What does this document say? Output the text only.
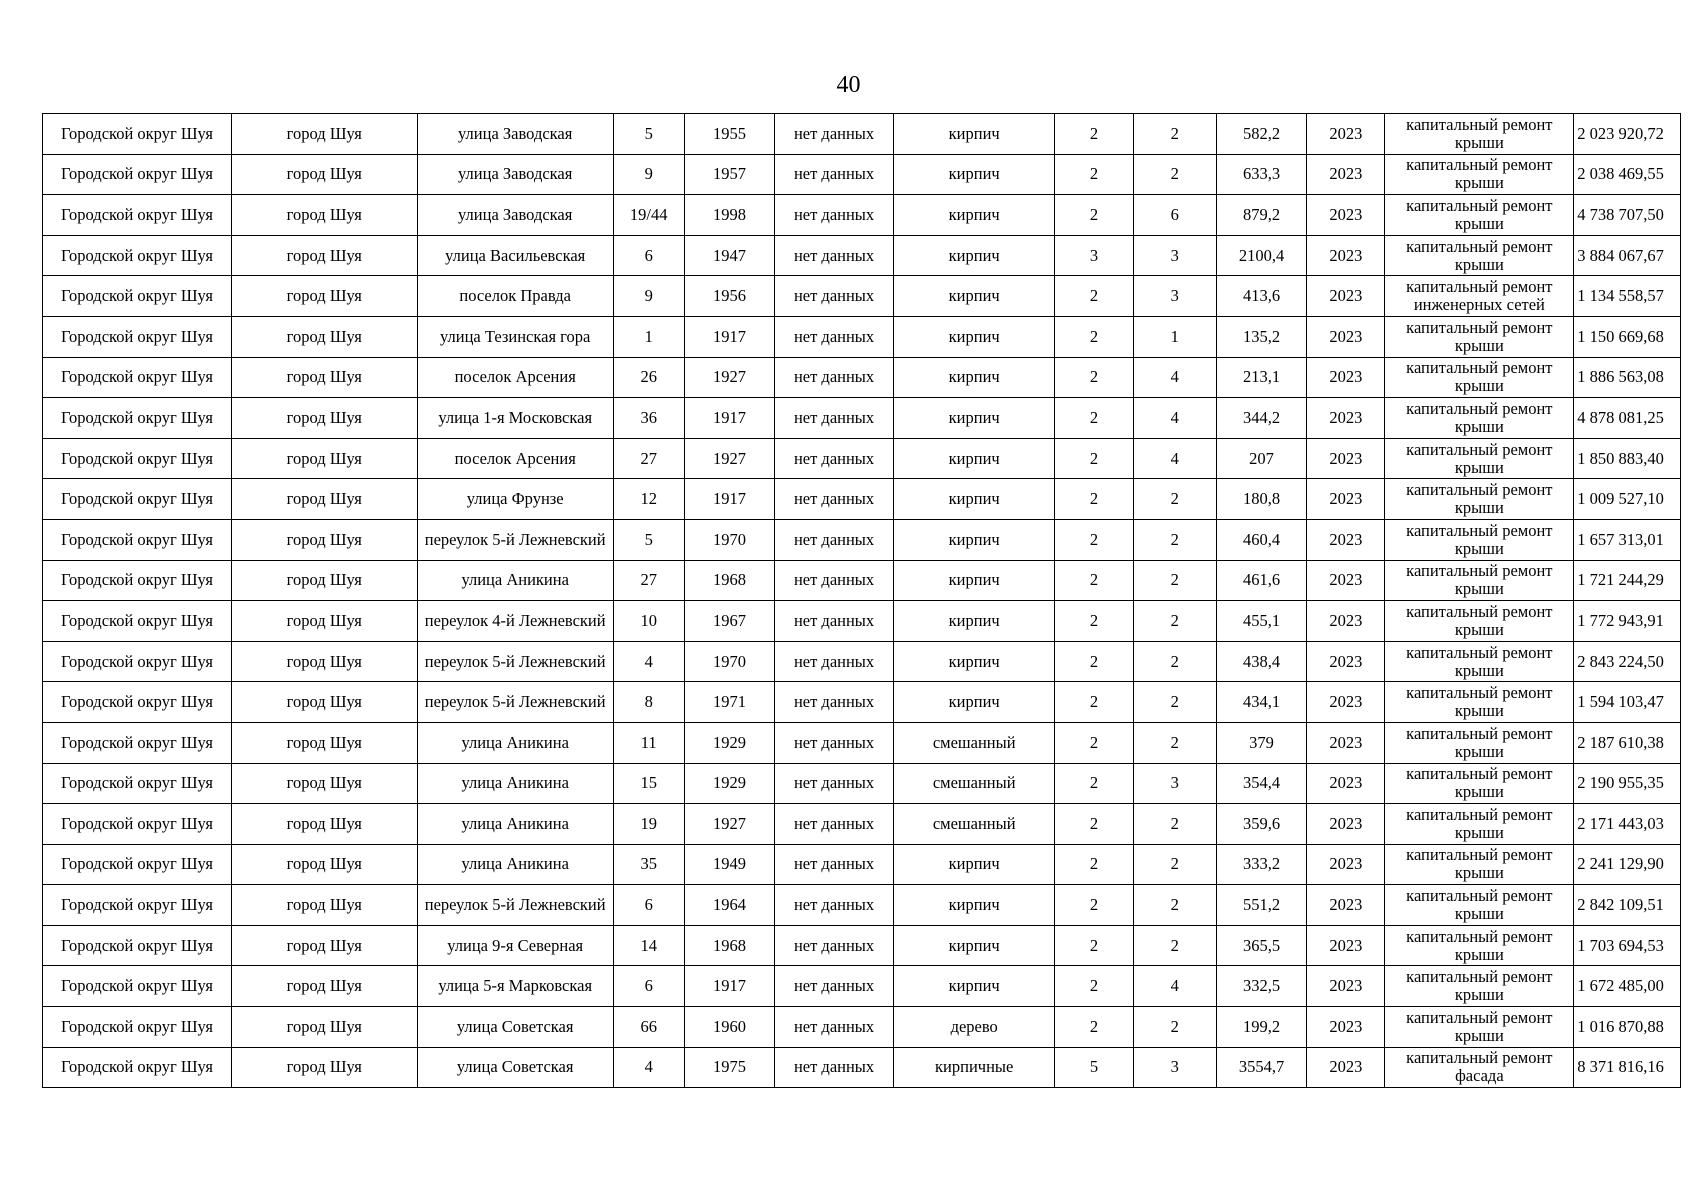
40
Городской округ Шуя	город Шуя	улица Заводская	5	1955	нет данных	кирпич	2	2	582,2	2023	капитальный ремонт крыши	2 023 920,72
Городской округ Шуя	город Шуя	улица Заводская	9	1957	нет данных	кирпич	2	2	633,3	2023	капитальный ремонт крыши	2 038 469,55
Городской округ Шуя	город Шуя	улица Заводская	19/44	1998	нет данных	кирпич	2	6	879,2	2023	капитальный ремонт крыши	4 738 707,50
Городской округ Шуя	город Шуя	улица Васильевская	6	1947	нет данных	кирпич	3	3	2100,4	2023	капитальный ремонт крыши	3 884 067,67
Городской округ Шуя	город Шуя	поселок Правда	9	1956	нет данных	кирпич	2	3	413,6	2023	капитальный ремонт инженерных сетей	1 134 558,57
Городской округ Шуя	город Шуя	улица Тезинская гора	1	1917	нет данных	кирпич	2	1	135,2	2023	капитальный ремонт крыши	1 150 669,68
Городской округ Шуя	город Шуя	поселок Арсения	26	1927	нет данных	кирпич	2	4	213,1	2023	капитальный ремонт крыши	1 886 563,08
Городской округ Шуя	город Шуя	улица 1-я Московская	36	1917	нет данных	кирпич	2	4	344,2	2023	капитальный ремонт крыши	4 878 081,25
Городской округ Шуя	город Шуя	поселок Арсения	27	1927	нет данных	кирпич	2	4	207	2023	капитальный ремонт крыши	1 850 883,40
Городской округ Шуя	город Шуя	улица Фрунзе	12	1917	нет данных	кирпич	2	2	180,8	2023	капитальный ремонт крыши	1 009 527,10
Городской округ Шуя	город Шуя	переулок 5-й Лежневский	5	1970	нет данных	кирпич	2	2	460,4	2023	капитальный ремонт крыши	1 657 313,01
Городской округ Шуя	город Шуя	улица Аникина	27	1968	нет данных	кирпич	2	2	461,6	2023	капитальный ремонт крыши	1 721 244,29
Городской округ Шуя	город Шуя	переулок 4-й Лежневский	10	1967	нет данных	кирпич	2	2	455,1	2023	капитальный ремонт крыши	1 772 943,91
Городской округ Шуя	город Шуя	переулок 5-й Лежневский	4	1970	нет данных	кирпич	2	2	438,4	2023	капитальный ремонт крыши	2 843 224,50
Городской округ Шуя	город Шуя	переулок 5-й Лежневский	8	1971	нет данных	кирпич	2	2	434,1	2023	капитальный ремонт крыши	1 594 103,47
Городской округ Шуя	город Шуя	улица Аникина	11	1929	нет данных	смешанный	2	2	379	2023	капитальный ремонт крыши	2 187 610,38
Городской округ Шуя	город Шуя	улица Аникина	15	1929	нет данных	смешанный	2	3	354,4	2023	капитальный ремонт крыши	2 190 955,35
Городской округ Шуя	город Шуя	улица Аникина	19	1927	нет данных	смешанный	2	2	359,6	2023	капитальный ремонт крыши	2 171 443,03
Городской округ Шуя	город Шуя	улица Аникина	35	1949	нет данных	кирпич	2	2	333,2	2023	капитальный ремонт крыши	2 241 129,90
Городской округ Шуя	город Шуя	переулок 5-й Лежневский	6	1964	нет данных	кирпич	2	2	551,2	2023	капитальный ремонт крыши	2 842 109,51
Городской округ Шуя	город Шуя	улица 9-я Северная	14	1968	нет данных	кирпич	2	2	365,5	2023	капитальный ремонт крыши	1 703 694,53
Городской округ Шуя	город Шуя	улица 5-я Марковская	6	1917	нет данных	кирпич	2	4	332,5	2023	капитальный ремонт крыши	1 672 485,00
Городской округ Шуя	город Шуя	улица Советская	66	1960	нет данных	дерево	2	2	199,2	2023	капитальный ремонт крыши	1 016 870,88
Городской округ Шуя	город Шуя	улица Советская	4	1975	нет данных	кирпичные	5	3	3554,7	2023	капитальный ремонт фасада	8 371 816,16
